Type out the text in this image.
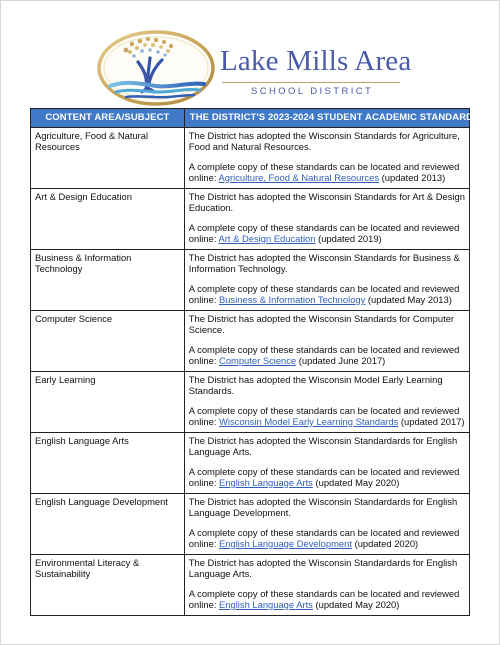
Lake Mills Area
SCHOOL DISTRICT
CONTENT AREA/SUBJECT	THE DISTRICT'S 2023-2024 STUDENT ACADEMIC STANDARDS
Agriculture, Food & Natural Resources	The District has adopted the Wisconsin Standards for Agriculture, Food and Natural Resources.
A complete copy of these standards can be located and reviewed online: Agriculture, Food & Natural Resources (updated 2013)

Art & Design Education	The District has adopted the Wisconsin Standards for Art & Design Education.
A complete copy of these standards can be located and reviewed online: Art & Design Education (updated 2019)

Business & Information Technology	The District has adopted the Wisconsin Standards for Business & Information Technology.
A complete copy of these standards can be located and reviewed online: Business & Information Technology (updated May 2013)

Computer Science	The District has adopted the Wisconsin Standards for Computer Science.
A complete copy of these standards can be located and reviewed online: Computer Science (updated June 2017)

Early Learning	The District has adopted the Wisconsin Model Early Learning Standards.
A complete copy of these standards can be located and reviewed online: Wisconsin Model Early Learning Standards (updated 2017)

English Language Arts	The District has adopted the Wisconsin Standardards for English Language Arts.
A complete copy of these standards can be located and reviewed online: English Language Arts (updated May 2020)

English Language Development	The District has adopted the Wisconsin Standardards for English Language Development.
A complete copy of these standards can be located and reviewed online: English Language Development (updated 2020)

Environmental Literacy & Sustainability	The District has adopted the Wisconsin Standardards for English Language Arts.
A complete copy of these standards can be located and reviewed online: English Language Arts (updated May 2020)
